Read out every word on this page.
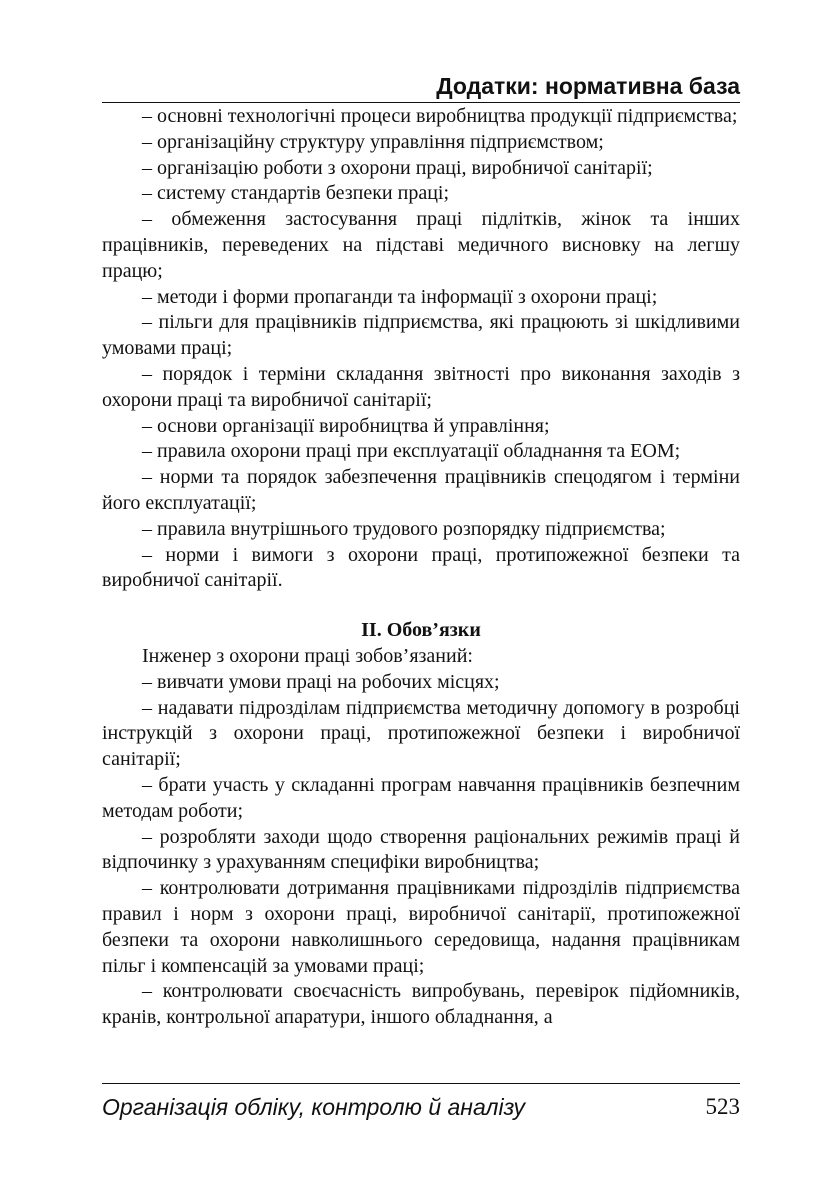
Додатки: нормативна база

– основні технологічні процеси виробництва продукції підприємства;

– організаційну структуру управління підприємством;

– організацію роботи з охорони праці, виробничої санітарії;

– систему стандартів безпеки праці;

– обмеження застосування праці підлітків, жінок та інших працівників, переведених на підставі медичного висновку на легшу працю;

– методи і форми пропаганди та інформації з охорони праці;

– пільги для працівників підприємства, які працюють зі шкідливими умовами праці;

– порядок і терміни складання звітності про виконання заходів з охорони праці та виробничої санітарії;

– основи організації виробництва й управління;

– правила охорони праці при експлуатації обладнання та ЕОМ;

– норми та порядок забезпечення працівників спецодягом і терміни його експлуатації;

– правила внутрішнього трудового розпорядку підприємства;

– норми і вимоги з охорони праці, протипожежної безпеки та виробничої санітарії.

II. Обов’язки

Інженер з охорони праці зобов’язаний:

– вивчати умови праці на робочих місцях;

– надавати підрозділам підприємства методичну допомогу в розробці інструкцій з охорони праці, протипожежної безпеки і виробничої санітарії;

– брати участь у складанні програм навчання працівників безпечним методам роботи;

– розробляти заходи щодо створення раціональних режимів праці й відпочинку з урахуванням специфіки виробництва;

– контролювати дотримання працівниками підрозділів підприємства правил і норм з охорони праці, виробничої санітарії, протипожежної безпеки та охорони навколишнього середовища, надання працівникам пільг і компенсацій за умовами праці;

– контролювати своєчасність випробувань, перевірок підйомників, кранів, контрольної апаратури, іншого обладнання, а

Організація обліку, контролю й аналізу	523
